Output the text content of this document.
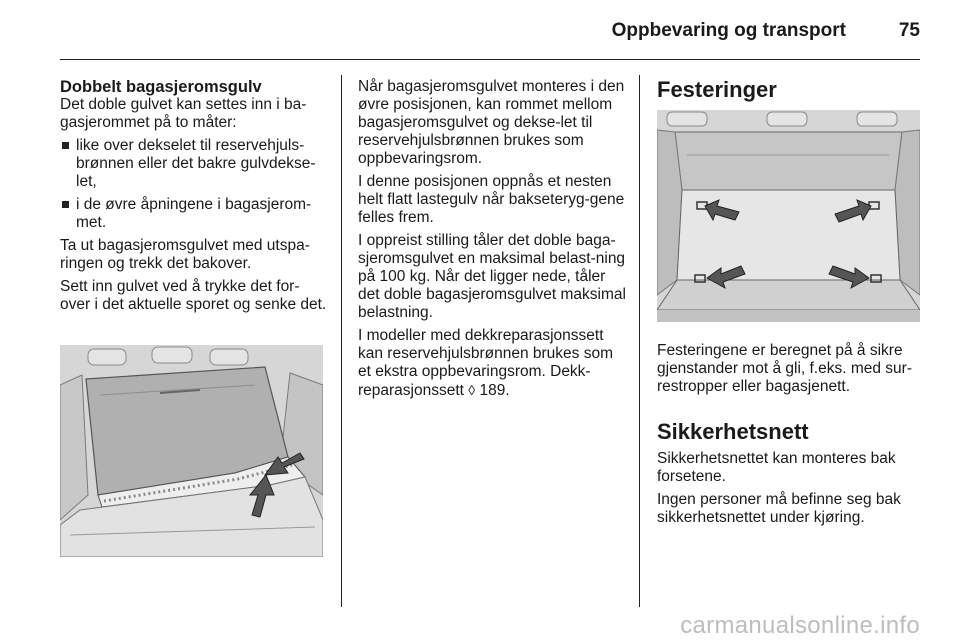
Oppbevaring og transport	75
Dobbelt bagasjeromsgulv

Det doble gulvet kan settes inn i ba-gasjerommet på to måter:

like over dekselet til reservehjuls-brønnen eller det bakre gulvdekse-let,
i de øvre åpningene i bagasjerom-met.

Ta ut bagasjeromsgulvet med utspa-ringen og trekk det bakover.

Sett inn gulvet ved å trykke det for-over i det aktuelle sporet og senke det.

Når bagasjeromsgulvet monteres i den øvre posisjonen, kan rommet mellom bagasjeromsgulvet og dekse-let til reservehjulsbrønnen brukes som oppbevaringsrom.

I denne posisjonen oppnås et nesten helt flatt lastegulv når bakseteryg-gene felles frem.

I oppreist stilling tåler det doble baga-sjeromsgulvet en maksimal belast-ning på 100 kg. Når det ligger nede, tåler det doble bagasjeromsgulvet maksimal belastning.

I modeller med dekkreparasjonssett kan reservehjulsbrønnen brukes som et ekstra oppbevaringsrom. Dekk-reparasjonssett ◊ 189.

Festeringer

Festeringene er beregnet på å sikre gjenstander mot å gli, f.eks. med sur-restropper eller bagasjenett.

Sikkerhetsnett

Sikkerhetsnettet kan monteres bak forsetene.

Ingen personer må befinne seg bak sikkerhetsnettet under kjøring.

carmanualsonline.info
